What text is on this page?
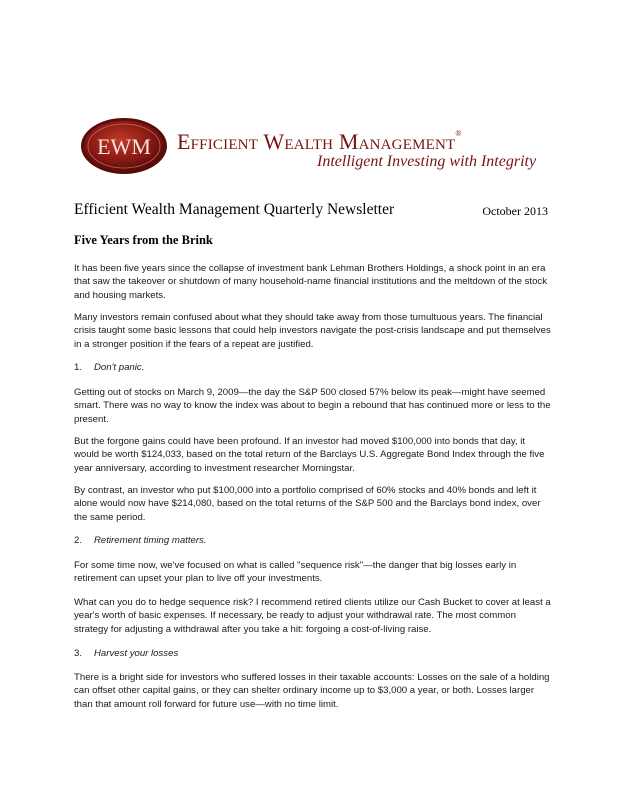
EWM Efficient Wealth Management®
Intelligent Investing with Integrity
Efficient Wealth Management Quarterly Newsletter	October 2013
Five Years from the Brink

It has been five years since the collapse of investment bank Lehman Brothers Holdings, a shock point in an era that saw the takeover or shutdown of many household-name financial institutions and the meltdown of the stock and housing markets.

Many investors remain confused about what they should take away from those tumultuous years. The financial crisis taught some basic lessons that could help investors navigate the post-crisis landscape and put themselves in a stronger position if the fears of a repeat are justified.

1. Don't panic.

Getting out of stocks on March 9, 2009—the day the S&P 500 closed 57% below its peak—might have seemed smart. There was no way to know the index was about to begin a rebound that has continued more or less to the present.

But the forgone gains could have been profound. If an investor had moved $100,000 into bonds that day, it would be worth $124,033, based on the total return of the Barclays U.S. Aggregate Bond Index through the five year anniversary, according to investment researcher Morningstar.

By contrast, an investor who put $100,000 into a portfolio comprised of 60% stocks and 40% bonds and left it alone would now have $214,080, based on the total returns of the S&P 500 and the Barclays bond index, over the same period.

2. Retirement timing matters.

For some time now, we've focused on what is called "sequence risk"—the danger that big losses early in retirement can upset your plan to live off your investments.

What can you do to hedge sequence risk? I recommend retired clients utilize our Cash Bucket to cover at least a year's worth of basic expenses. If necessary, be ready to adjust your withdrawal rate. The most common strategy for adjusting a withdrawal after you take a hit: forgoing a cost-of-living raise.

3. Harvest your losses

There is a bright side for investors who suffered losses in their taxable accounts: Losses on the sale of a holding can offset other capital gains, or they can shelter ordinary income up to $3,000 a year, or both. Losses larger than that amount roll forward for future use—with no time limit.
